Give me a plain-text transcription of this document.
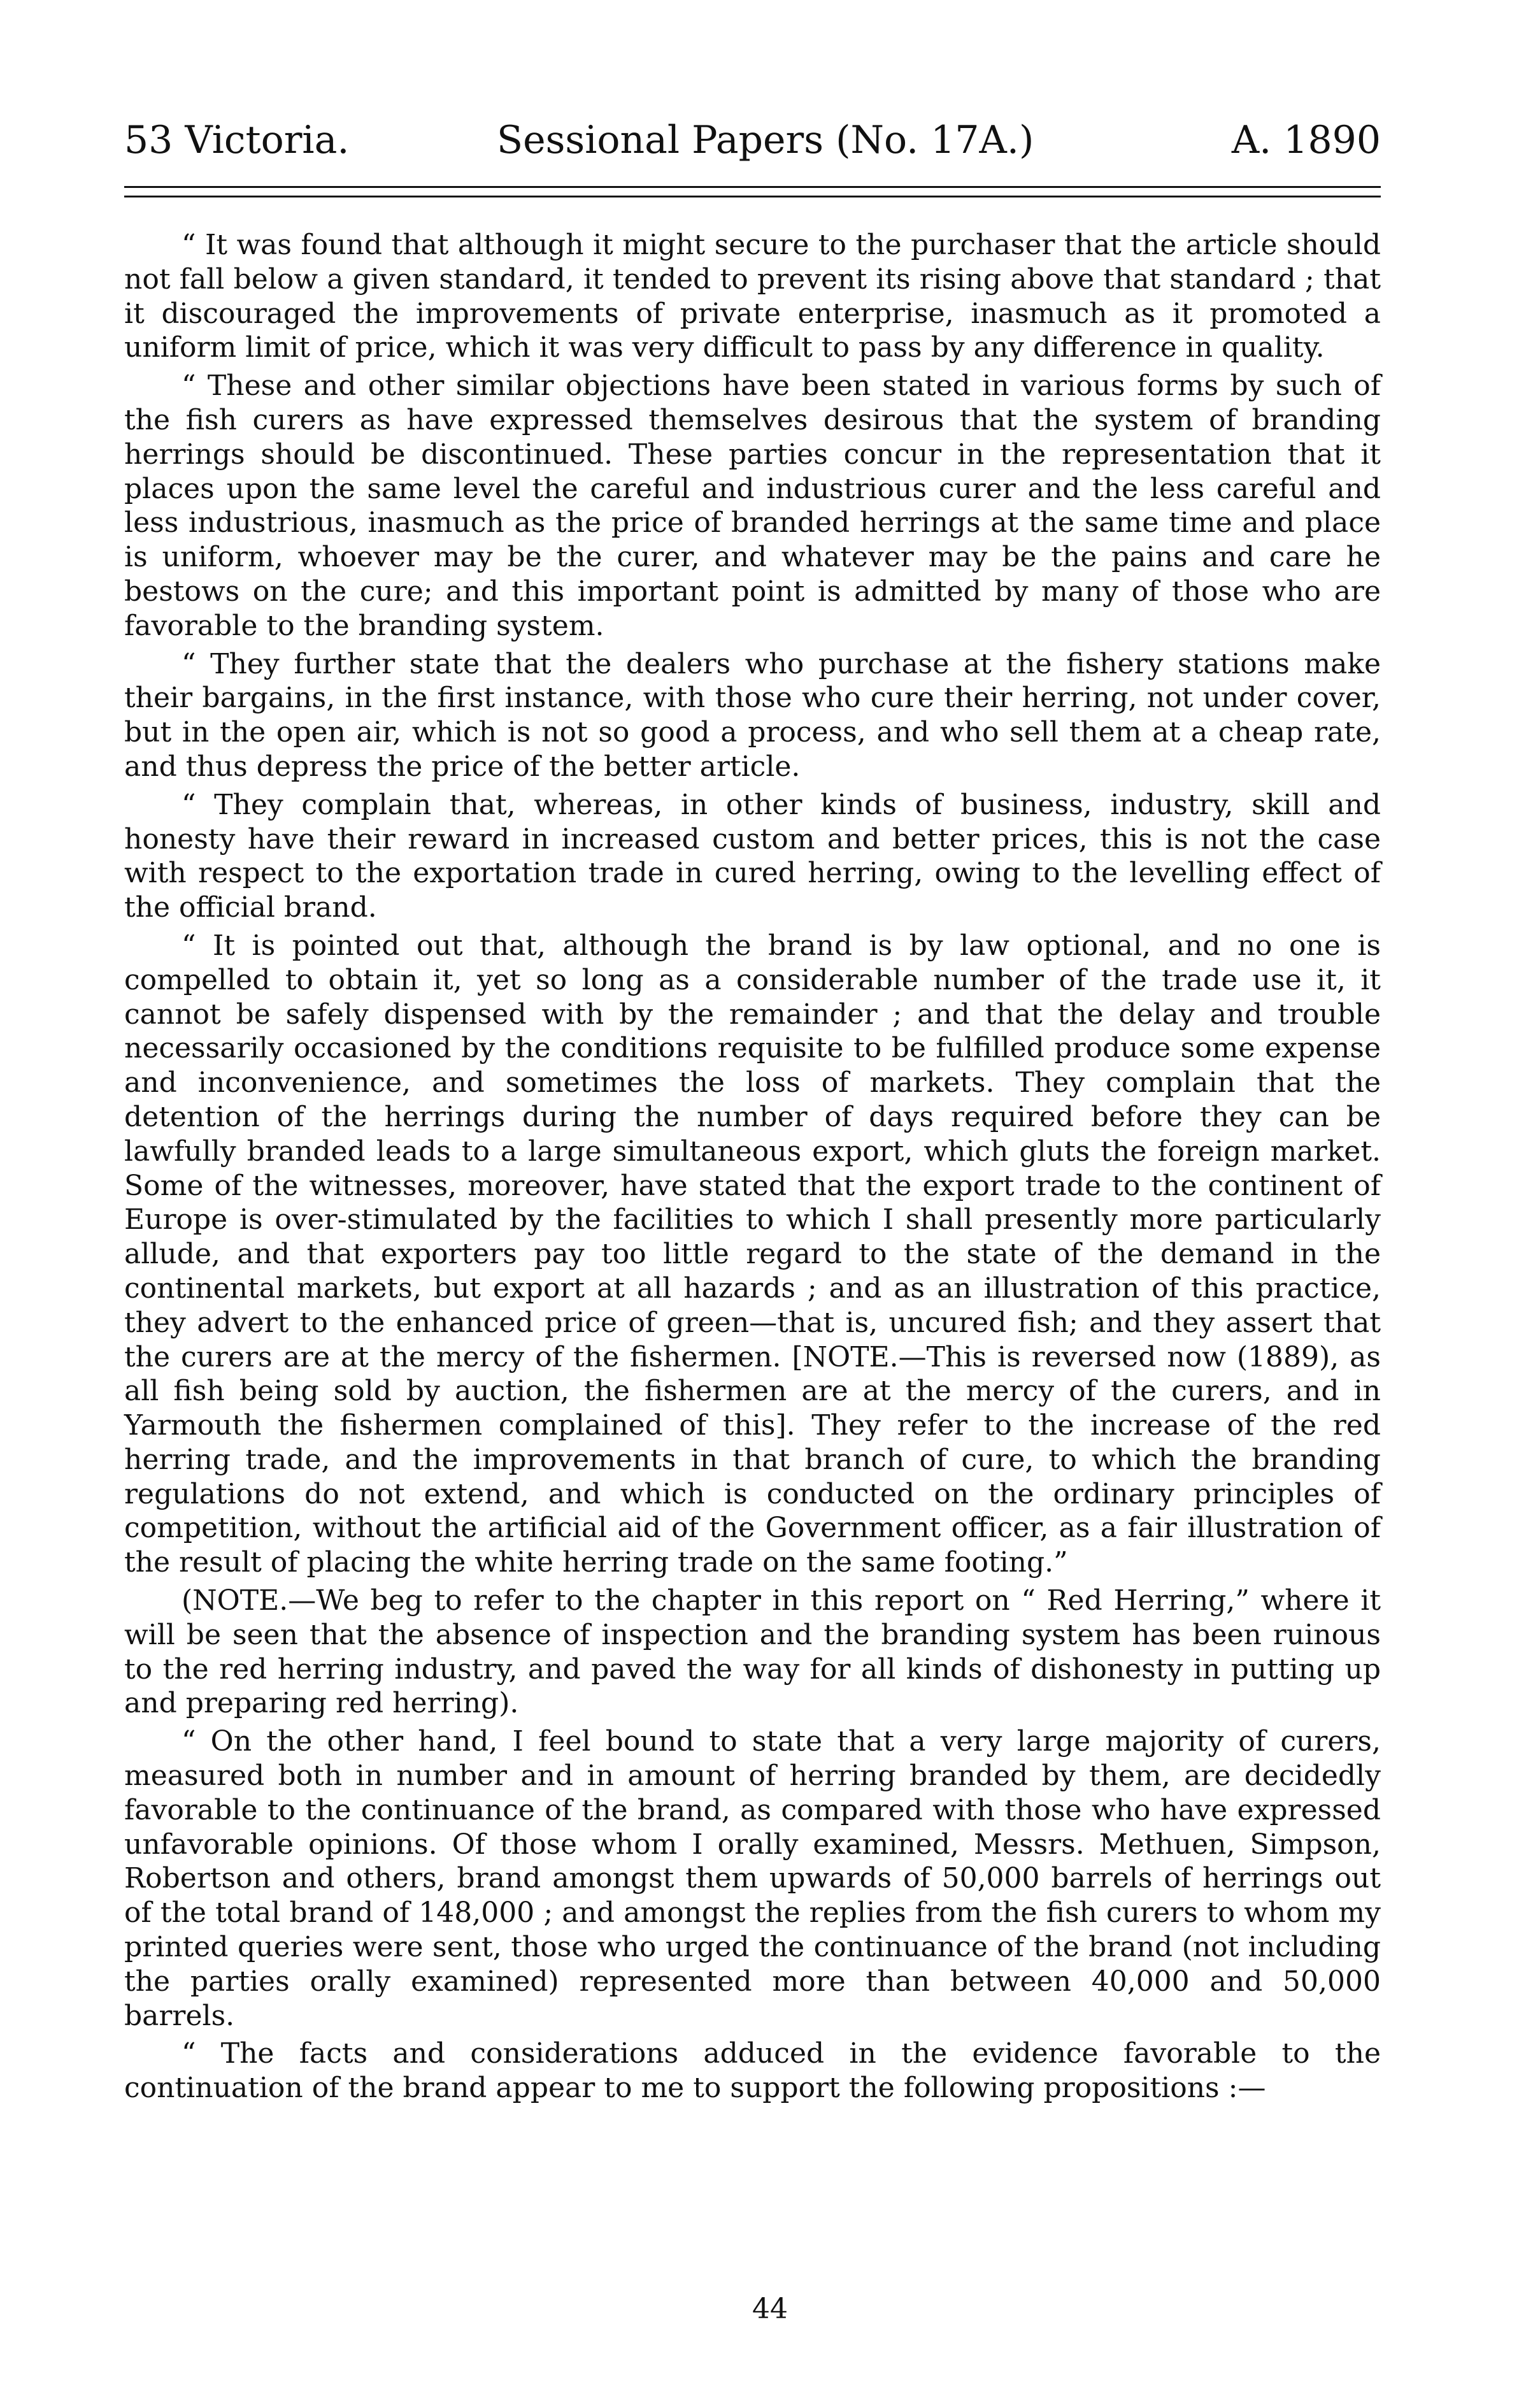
53 Victoria.	Sessional Papers (No. 17A.)	A. 1890

“ It was found that although it might secure to the purchaser that the article should not fall below a given standard, it tended to prevent its rising above that standard ; that it discouraged the improvements of private enterprise, inasmuch as it promoted a uniform limit of price, which it was very difficult to pass by any difference in quality.

“ These and other similar objections have been stated in various forms by such of the fish curers as have expressed themselves desirous that the system of branding herrings should be discontinued. These parties concur in the representation that it places upon the same level the careful and industrious curer and the less careful and less industrious, inasmuch as the price of branded herrings at the same time and place is uniform, whoever may be the curer, and whatever may be the pains and care he bestows on the cure; and this important point is admitted by many of those who are favorable to the branding system.

“ They further state that the dealers who purchase at the fishery stations make their bargains, in the first instance, with those who cure their herring, not under cover, but in the open air, which is not so good a process, and who sell them at a cheap rate, and thus depress the price of the better article.

“ They complain that, whereas, in other kinds of business, industry, skill and honesty have their reward in increased custom and better prices, this is not the case with respect to the exportation trade in cured herring, owing to the levelling effect of the official brand.

“ It is pointed out that, although the brand is by law optional, and no one is compelled to obtain it, yet so long as a considerable number of the trade use it, it cannot be safely dispensed with by the remainder ; and that the delay and trouble necessarily occasioned by the conditions requisite to be fulfilled produce some expense and inconvenience, and sometimes the loss of markets. They complain that the detention of the herrings during the number of days required before they can be lawfully branded leads to a large simultaneous export, which gluts the foreign market. Some of the witnesses, moreover, have stated that the export trade to the continent of Europe is over-stimulated by the facilities to which I shall presently more particularly allude, and that exporters pay too little regard to the state of the demand in the continental markets, but export at all hazards ; and as an illustration of this practice, they advert to the enhanced price of green—that is, uncured fish; and they assert that the curers are at the mercy of the fishermen. [NOTE.—This is reversed now (1889), as all fish being sold by auction, the fishermen are at the mercy of the curers, and in Yarmouth the fishermen complained of this]. They refer to the increase of the red herring trade, and the improvements in that branch of cure, to which the branding regulations do not extend, and which is conducted on the ordinary principles of competition, without the artificial aid of the Government officer, as a fair illustration of the result of placing the white herring trade on the same footing.”

(NOTE.—We beg to refer to the chapter in this report on “ Red Herring,” where it will be seen that the absence of inspection and the branding system has been ruinous to the red herring industry, and paved the way for all kinds of dishonesty in putting up and preparing red herring).

“ On the other hand, I feel bound to state that a very large majority of curers, measured both in number and in amount of herring branded by them, are decidedly favorable to the continuance of the brand, as compared with those who have expressed unfavorable opinions. Of those whom I orally examined, Messrs. Methuen, Simpson, Robertson and others, brand amongst them upwards of 50,000 barrels of herrings out of the total brand of 148,000 ; and amongst the replies from the fish curers to whom my printed queries were sent, those who urged the continuance of the brand (not including the parties orally examined) represented more than between 40,000 and 50,000 barrels.

“ The facts and considerations adduced in the evidence favorable to the continuation of the brand appear to me to support the following propositions :—

44
